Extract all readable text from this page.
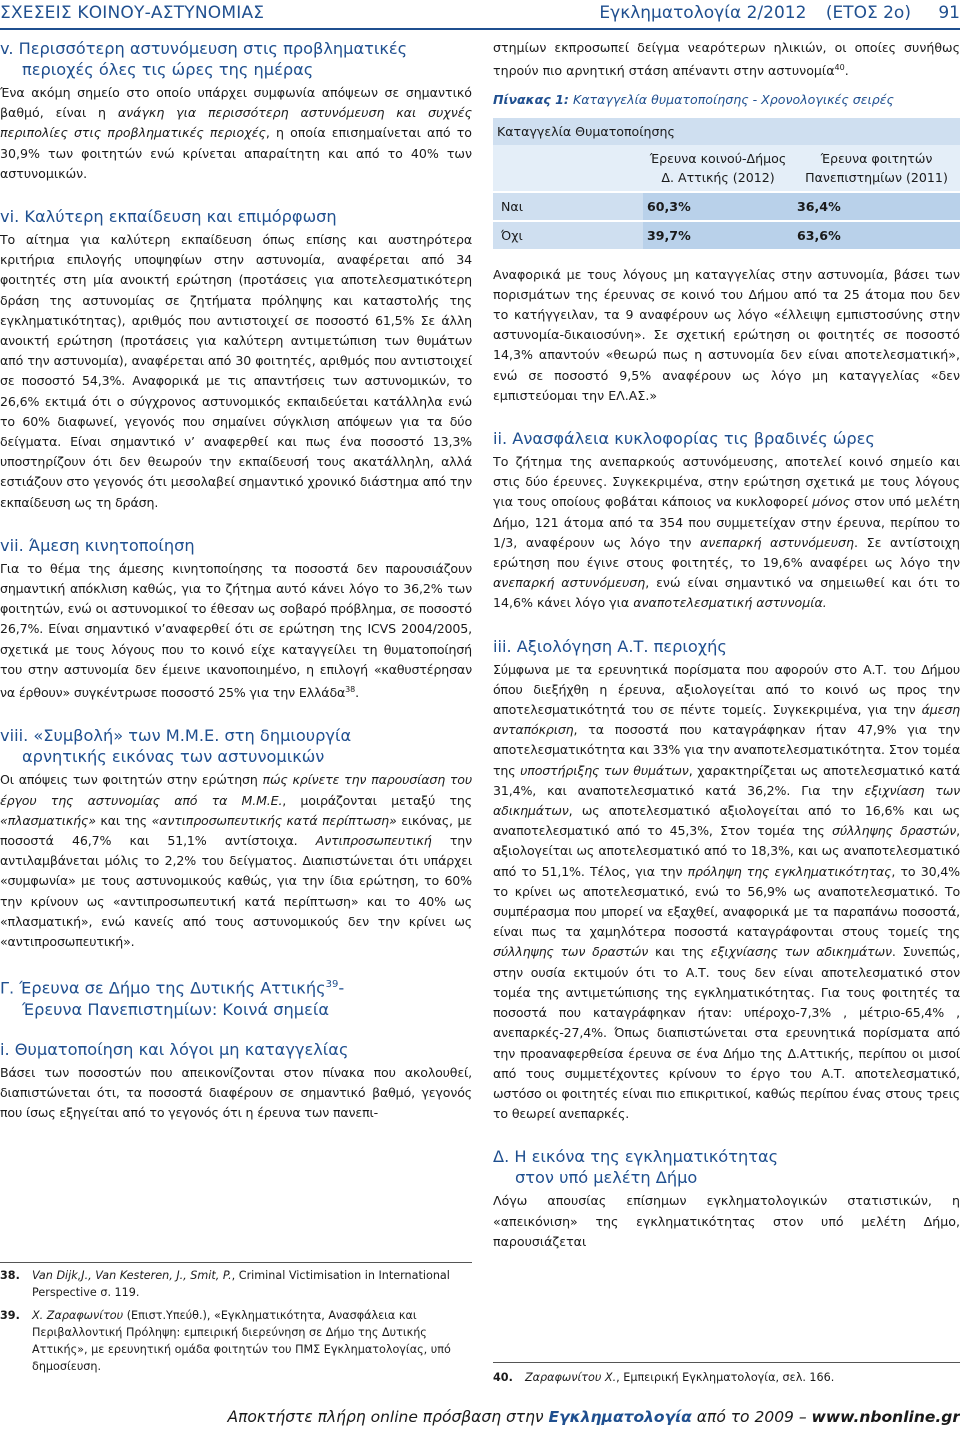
ΣΧΕΣΕΙΣ ΚΟΙΝΟΥ-ΑΣΤΥΝΟΜΙΑΣ	Εγκληματολογία 2/2012 (ΕΤΟΣ 2ο) 91
v. Περισσότερη αστυνόμευση στις προβληματικές
περιοχές όλες τις ώρες της ημέρας

Ένα ακόμη σημείο στο οποίο υπάρχει συμφωνία απόψεων σε σημαντικό βαθμό, είναι η ανάγκη για περισσότερη αστυνόμευση και συχνές περιπολίες στις προβληματικές περιοχές, η οποία επισημαίνεται από το 30,9% των φοιτητών ενώ κρίνεται απαραίτητη και από το 40% των αστυνομικών.

vi. Καλύτερη εκπαίδευση και επιμόρφωση

Το αίτημα για καλύτερη εκπαίδευση όπως επίσης και αυστηρότερα κριτήρια επιλογής υποψηφίων στην αστυνομία, αναφέρεται από 34 φοιτητές στη μία ανοικτή ερώτηση (προτάσεις για αποτελεσματικότερη δράση της αστυνομίας σε ζητήματα πρόληψης και καταστολής της εγκληματικότητας), αριθμός που αντιστοιχεί σε ποσοστό 61,5% Σε άλλη ανοικτή ερώτηση (προτάσεις για καλύτερη αντιμετώπιση των θυμάτων από την αστυνομία), αναφέρεται από 30 φοιτητές, αριθμός που αντιστοιχεί σε ποσοστό 54,3%. Αναφορικά με τις απαντήσεις των αστυνομικών, το 26,6% εκτιμά ότι ο σύγχρονος αστυνομικός εκπαιδεύεται κατάλληλα ενώ το 60% διαφωνεί, γεγονός που σημαίνει σύγκλιση απόψεων για τα δύο δείγματα. Είναι σημαντικό ν’ αναφερθεί και πως ένα ποσοστό 13,3% υποστηρίζουν ότι δεν θεωρούν την εκπαίδευσή τους ακατάλληλη, αλλά εστιάζουν στο γεγονός ότι μεσολαβεί σημαντικό χρονικό διάστημα από την εκπαίδευση ως τη δράση.

vii. Άμεση κινητοποίηση

Για το θέμα της άμεσης κινητοποίησης τα ποσοστά δεν παρουσιάζουν σημαντική απόκλιση καθώς, για το ζήτημα αυτό κάνει λόγο το 36,2% των φοιτητών, ενώ οι αστυνομικοί το έθεσαν ως σοβαρό πρόβλημα, σε ποσοστό 26,7%. Είναι σημαντικό ν’αναφερθεί ότι σε ερώτηση της ICVS 2004/2005, σχετικά με τους λόγους που το κοινό είχε καταγγείλει τη θυματοποίησή του στην αστυνομία δεν έμεινε ικανοποιημένο, η επιλογή «καθυστέρησαν να έρθουν» συγκέντρωσε ποσοστό 25% για την Ελλάδα$^{38}$.

viii. «Συμβολή» των Μ.Μ.Ε. στη δημιουργία
αρνητικής εικόνας των αστυνομικών

Οι απόψεις των φοιτητών στην ερώτηση πώς κρίνετε την παρουσίαση του έργου της αστυνομίας από τα Μ.Μ.Ε., μοιράζονται μεταξύ της «πλασματικής» και της «αντιπροσωπευτικής κατά περίπτωση» εικόνας, με ποσοστά 46,7% και 51,1% αντίστοιχα. Αντιπροσωπευτική την αντιλαμβάνεται μόλις το 2,2% του δείγματος. Διαπιστώνεται ότι υπάρχει «συμφωνία» με τους αστυνομικούς καθώς, για την ίδια ερώτηση, το 60% την κρίνουν ως «αντιπροσωπευτική κατά περίπτωση» και το 40% ως «πλασματική», ενώ κανείς από τους αστυνομικούς δεν την κρίνει ως «αντιπροσωπευτική».

Γ. Έρευνα σε Δήμο της Δυτικής Αττικής$^{39}$-
Έρευνα Πανεπιστημίων: Κοινά σημεία
i. Θυματοποίηση και λόγοι μη καταγγελίας

Βάσει των ποσοστών που απεικονίζονται στον πίνακα που ακολουθεί, διαπιστώνεται ότι, τα ποσοστά διαφέρουν σε σημαντικό βαθμό, γεγονός που ίσως εξηγείται από το γεγονός ότι η έρευνα των πανεπι-

38. Van Dijk,J., Van Kesteren, J., Smit, P., Criminal Victimisation in International Perspective σ. 119.

39. Χ. Ζαραφωνίτου (Επιστ.Υπεύθ.), «Εγκληματικότητα, Ανασφάλεια και Περιβαλλοντική Πρόληψη: εμπειρική διερεύνηση σε Δήμο της Δυτικής Αττικής», με ερευνητική ομάδα φοιτητών του ΠΜΣ Εγκληματολογίας, υπό δημοσίευση.

στημίων εκπροσωπεί δείγμα νεαρότερων ηλικιών, οι οποίες συνήθως τηρούν πιο αρνητική στάση απέναντι στην αστυνομία$^{40}$.

Πίνακας 1: Καταγγελία θυματοποίησης - Χρονολογικές σειρές

Καταγγελία Θυματοποίησης		
	Έρευνα κοινού-Δήμος Δ. Αττικής (2012)	Έρευνα φοιτητών Πανεπιστημίων (2011)
Ναι	60,3%	36,4%
Όχι	39,7%	63,6%

Αναφορικά με τους λόγους μη καταγγελίας στην αστυνομία, βάσει των πορισμάτων της έρευνας σε κοινό του Δήμου από τα 25 άτομα που δεν το κατήγγειλαν, τα 9 αναφέρουν ως λόγο «έλλειψη εμπιστοσύνης στην αστυνομία-δικαιοσύνη». Σε σχετική ερώτηση οι φοιτητές σε ποσοστό 14,3% απαντούν «θεωρώ πως η αστυνομία δεν είναι αποτελεσματική», ενώ σε ποσοστό 9,5% αναφέρουν ως λόγο μη καταγγελίας «δεν εμπιστεύομαι την ΕΛ.ΑΣ.»

ii. Ανασφάλεια κυκλοφορίας τις βραδινές ώρες

Το ζήτημα της ανεπαρκούς αστυνόμευσης, αποτελεί κοινό σημείο και στις δύο έρευνες. Συγκεκριμένα, στην ερώτηση σχετικά με τους λόγους για τους οποίους φοβάται κάποιος να κυκλοφορεί μόνος στον υπό μελέτη Δήμο, 121 άτομα από τα 354 που συμμετείχαν στην έρευνα, περίπου το 1/3, αναφέρουν ως λόγο την ανεπαρκή αστυνόμευση. Σε αντίστοιχη ερώτηση που έγινε στους φοιτητές, το 19,6% αναφέρει ως λόγο την ανεπαρκή αστυνόμευση, ενώ είναι σημαντικό να σημειωθεί και ότι το 14,6% κάνει λόγο για αναποτελεσματική αστυνομία.

iii. Αξιολόγηση Α.Τ. περιοχής

Σύμφωνα με τα ερευνητικά πορίσματα που αφορούν στο Α.Τ. του Δήμου όπου διεξήχθη η έρευνα, αξιολογείται από το κοινό ως προς την αποτελεσματικότητά του σε πέντε τομείς. Συγκεκριμένα, για την άμεση ανταπόκριση, τα ποσοστά που καταγράφηκαν ήταν 47,9% για την αποτελεσματικότητα και 33% για την αναποτελεσματικότητα. Στον τομέα της υποστήριξης των θυμάτων, χαρακτηρίζεται ως αποτελεσματικό κατά 31,4%, και αναποτελεσματικό κατά 36,2%. Για την εξιχνίαση των αδικημάτων, ως αποτελεσματικό αξιολογείται από το 16,6% και ως αναποτελεσματικό από το 45,3%, Στον τομέα της σύλληψης δραστών, αξιολογείται ως αποτελεσματικό από το 18,3%, και ως αναποτελεσματικό από το 51,1%. Τέλος, για την πρόληψη της εγκληματικότητας, το 30,4% το κρίνει ως αποτελεσματικό, ενώ το 56,9% ως αναποτελεσματικό. Το συμπέρασμα που μπορεί να εξαχθεί, αναφορικά με τα παραπάνω ποσοστά, είναι πως τα χαμηλότερα ποσοστά καταγράφονται στους τομείς της σύλληψης των δραστών και της εξιχνίασης των αδικημάτων. Συνεπώς, στην ουσία εκτιμούν ότι το Α.Τ. τους δεν είναι αποτελεσματικό στον τομέα της αντιμετώπισης της εγκληματικότητας. Για τους φοιτητές τα ποσοστά που καταγράφηκαν ήταν: υπέροχο-7,3% , μέτριο-65,4% , ανεπαρκές-27,4%. Όπως διαπιστώνεται στα ερευνητικά πορίσματα από την προαναφερθείσα έρευνα σε ένα Δήμο της Δ.Αττικής, περίπου οι μισοί από τους συμμετέχοντες κρίνουν το έργο του Α.Τ. αποτελεσματικό, ωστόσο οι φοιτητές είναι πιο επικριτικοί, καθώς περίπου ένας στους τρεις το θεωρεί ανεπαρκές.

Δ. Η εικόνα της εγκληματικότητας
στον υπό μελέτη Δήμο

Λόγω απουσίας επίσημων εγκληματολογικών στατιστικών, η «απεικόνιση» της εγκληματικότητας στον υπό μελέτη Δήμο, παρουσιάζεται

40. Ζαραφωνίτου Χ., Εμπειρική Εγκληματολογία, σελ. 166.

Αποκτήστε πλήρη online πρόσβαση στην Εγκληματολογία από το 2009 – www.nbonline.gr
